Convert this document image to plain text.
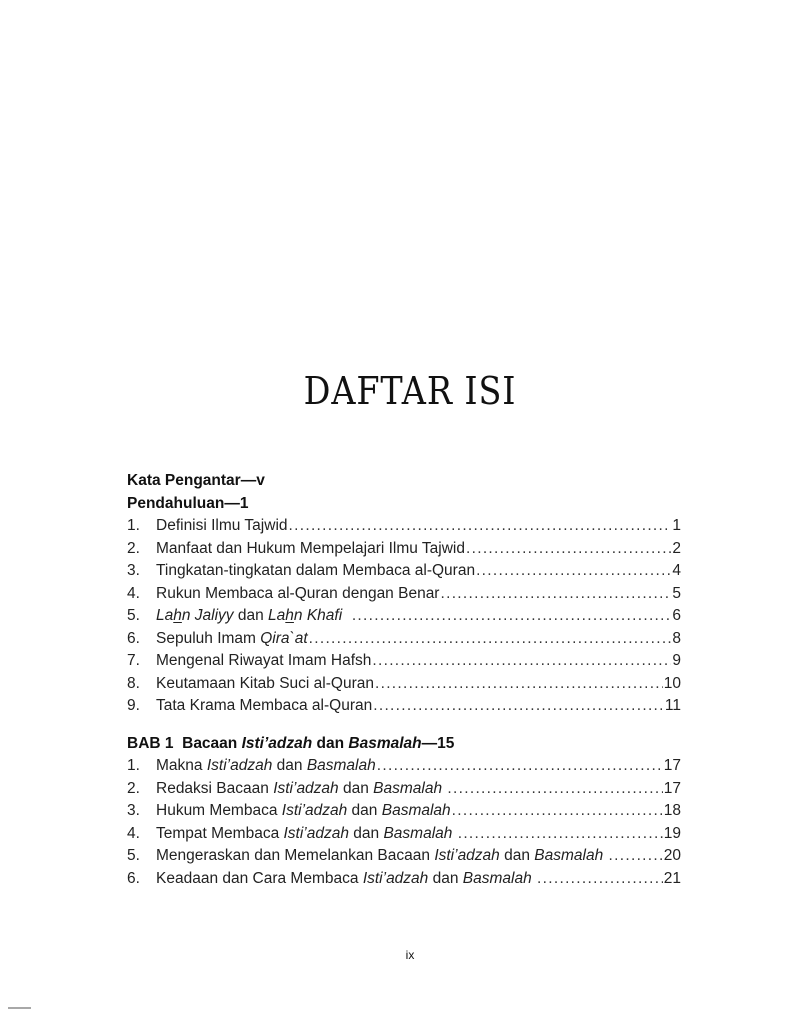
DAFTAR ISI
Kata Pengantar—v
Pendahuluan—1
1.	Definisi Ilmu Tajwid .....	1
2.	Manfaat dan Hukum Mempelajari Ilmu Tajwid .....	2
3.	Tingkatan-tingkatan dalam Membaca al-Quran .....	4
4.	Rukun Membaca al-Quran dengan Benar .....	5
5.	Lahn Jaliyy dan Lahn Khafi .....	6
6.	Sepuluh Imam Qira`at .....	8
7.	Mengenal Riwayat Imam Hafsh .....	9
8.	Keutamaan Kitab Suci al-Quran .....	10
9.	Tata Krama Membaca al-Quran .....	11
BAB 1  Bacaan Isti’adzah dan Basmalah—15
1.	Makna Isti’adzah dan Basmalah .....	17
2.	Redaksi Bacaan Isti’adzah dan Basmalah .....	17
3.	Hukum Membaca Isti’adzah dan Basmalah .....	18
4.	Tempat Membaca Isti’adzah dan Basmalah .....	19
5.	Mengeraskan dan Memelankan Bacaan Isti’adzah dan Basmalah .....	20
6.	Keadaan dan Cara Membaca Isti’adzah dan Basmalah .....	21
ix
